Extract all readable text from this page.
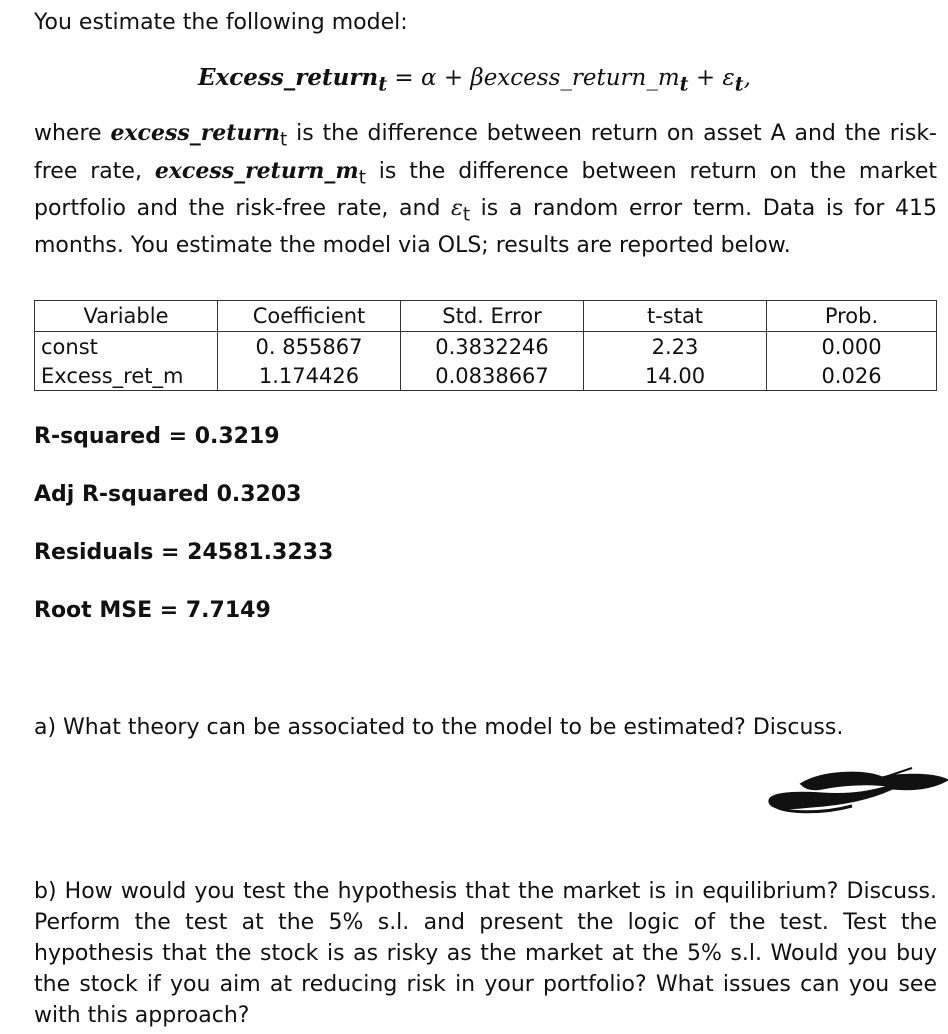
You estimate the following model:
Excess_return$_t$ = $\alpha + \beta excess\_return\_m_t + \varepsilon_t$,
where excess_return$_t$ is the difference between return on asset A and the risk-free rate, $excess\_return\_m_t$ is the difference between return on the market portfolio and the risk-free rate, and $\varepsilon_t$ is a random error term. Data is for 415 months. You estimate the model via OLS; results are reported below.
Variable	Coefficient	Std. Error	t-stat	Prob.
const	0. 855867	0.3832246	2.23	0.000
Excess_ret_m	1.174426	0.0838667	14.00	0.026
R-squared = 0.3219
Adj R-squared 0.3203
Residuals = 24581.3233
Root MSE = 7.7149
a) What theory can be associated to the model to be estimated? Discuss.
b) How would you test the hypothesis that the market is in equilibrium? Discuss. Perform the test at the 5% s.l. and present the logic of the test. Test the hypothesis that the stock is as risky as the market at the 5% s.l. Would you buy the stock if you aim at reducing risk in your portfolio? What issues can you see with this approach?
